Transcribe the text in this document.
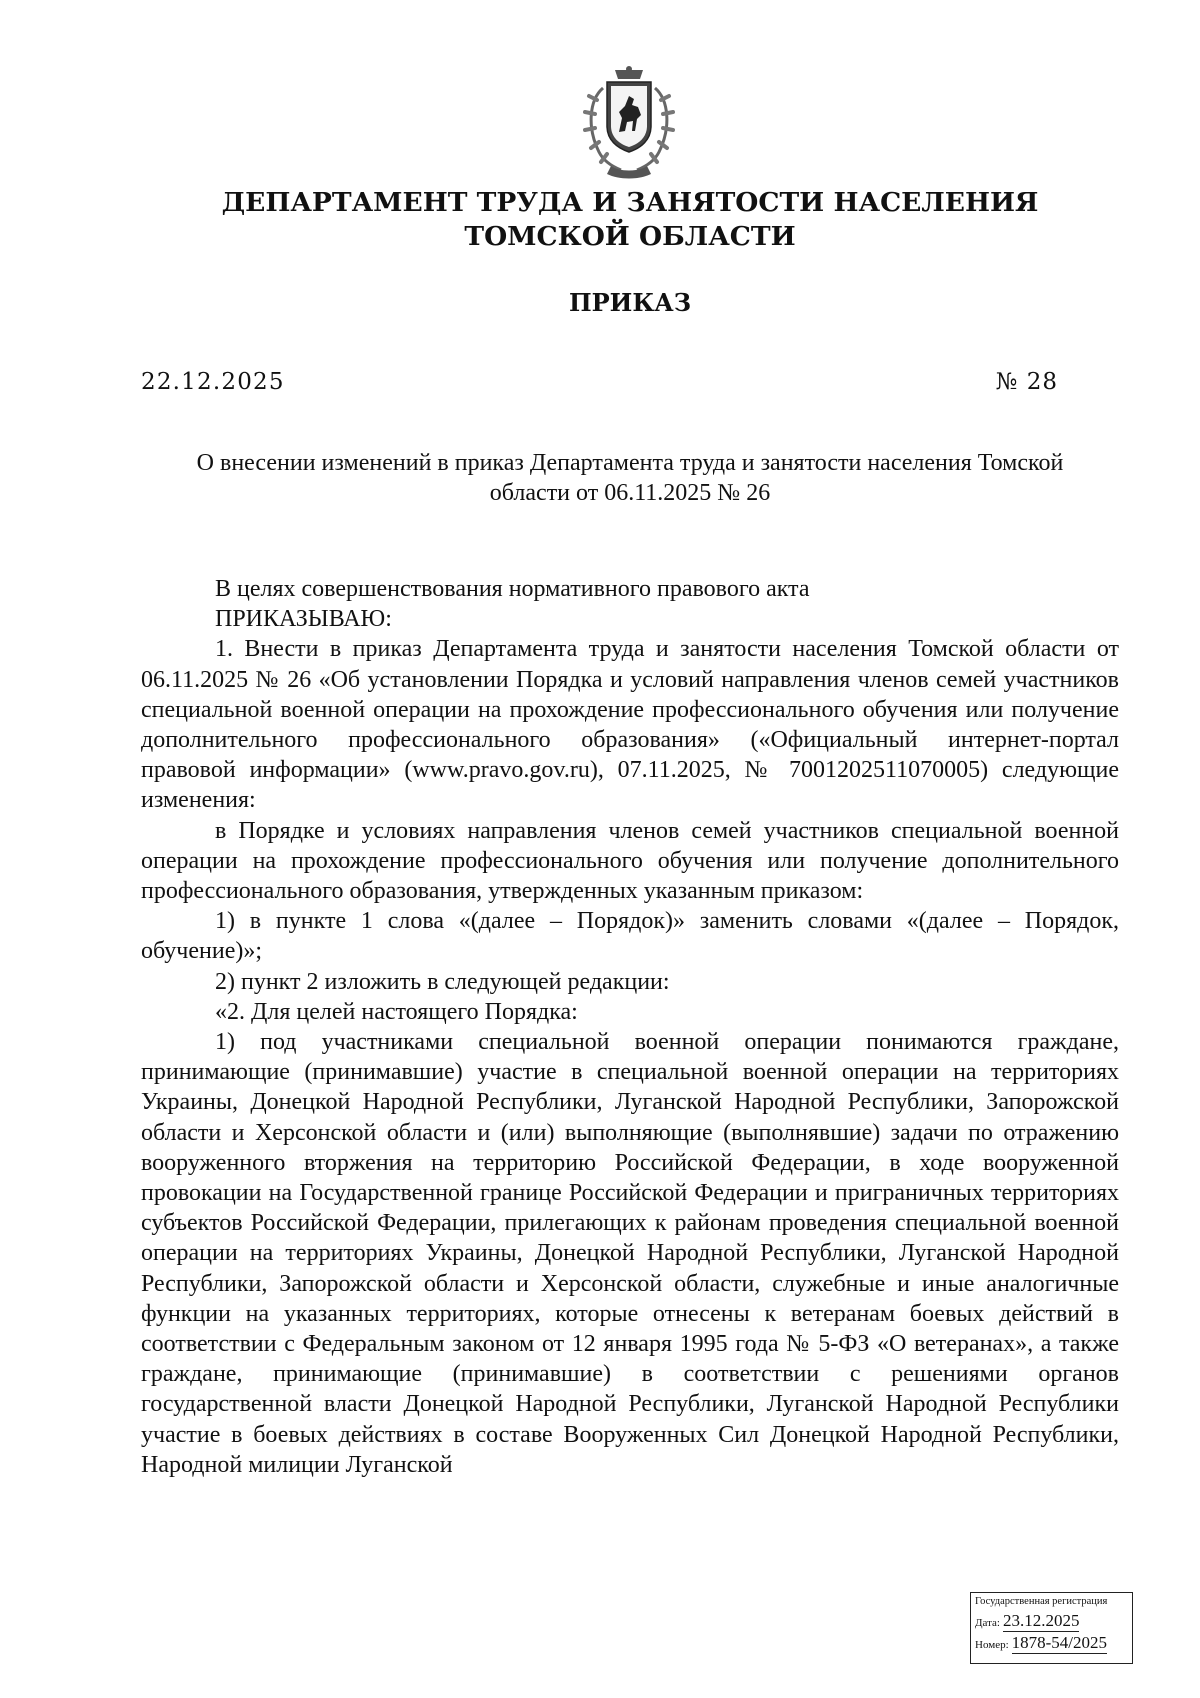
ДЕПАРТАМЕНТ ТРУДА И ЗАНЯТОСТИ НАСЕЛЕНИЯ
ТОМСКОЙ ОБЛАСТИ
ПРИКАЗ
22.12.2025	№ 28
О внесении изменений в приказ Департамента труда и занятости населения Томской
области от 06.11.2025 № 26
В целях совершенствования нормативного правового акта
ПРИКАЗЫВАЮ:
1. Внести в приказ Департамента труда и занятости населения Томской области от 06.11.2025 № 26 «Об установлении Порядка и условий направления членов семей участников специальной военной операции на прохождение профессионального обучения или получение дополнительного профессионального образования» («Официальный интернет-портал правовой информации» (www.pravo.gov.ru), 07.11.2025, № 7001202511070005) следующие изменения:
в Порядке и условиях направления членов семей участников специальной военной операции на прохождение профессионального обучения или получение дополнительного профессионального образования, утвержденных указанным приказом:
1) в пункте 1 слова «(далее – Порядок)» заменить словами «(далее – Порядок, обучение)»;
2) пункт 2 изложить в следующей редакции:
«2. Для целей настоящего Порядка:
1) под участниками специальной военной операции понимаются граждане, принимающие (принимавшие) участие в специальной военной операции на территориях Украины, Донецкой Народной Республики, Луганской Народной Республики, Запорожской области и Херсонской области и (или) выполняющие (выполнявшие) задачи по отражению вооруженного вторжения на территорию Российской Федерации, в ходе вооруженной провокации на Государственной границе Российской Федерации и приграничных территориях субъектов Российской Федерации, прилегающих к районам проведения специальной военной операции на территориях Украины, Донецкой Народной Республики, Луганской Народной Республики, Запорожской области и Херсонской области, служебные и иные аналогичные функции на указанных территориях, которые отнесены к ветеранам боевых действий в соответствии с Федеральным законом от 12 января 1995 года № 5-ФЗ «О ветеранах», а также граждане, принимающие (принимавшие) в соответствии с решениями органов государственной власти Донецкой Народной Республики, Луганской Народной Республики участие в боевых действиях в составе Вооруженных Сил Донецкой Народной Республики, Народной милиции Луганской
Государственная регистрация
Дата: 23.12.2025
Номер: 1878-54/2025
